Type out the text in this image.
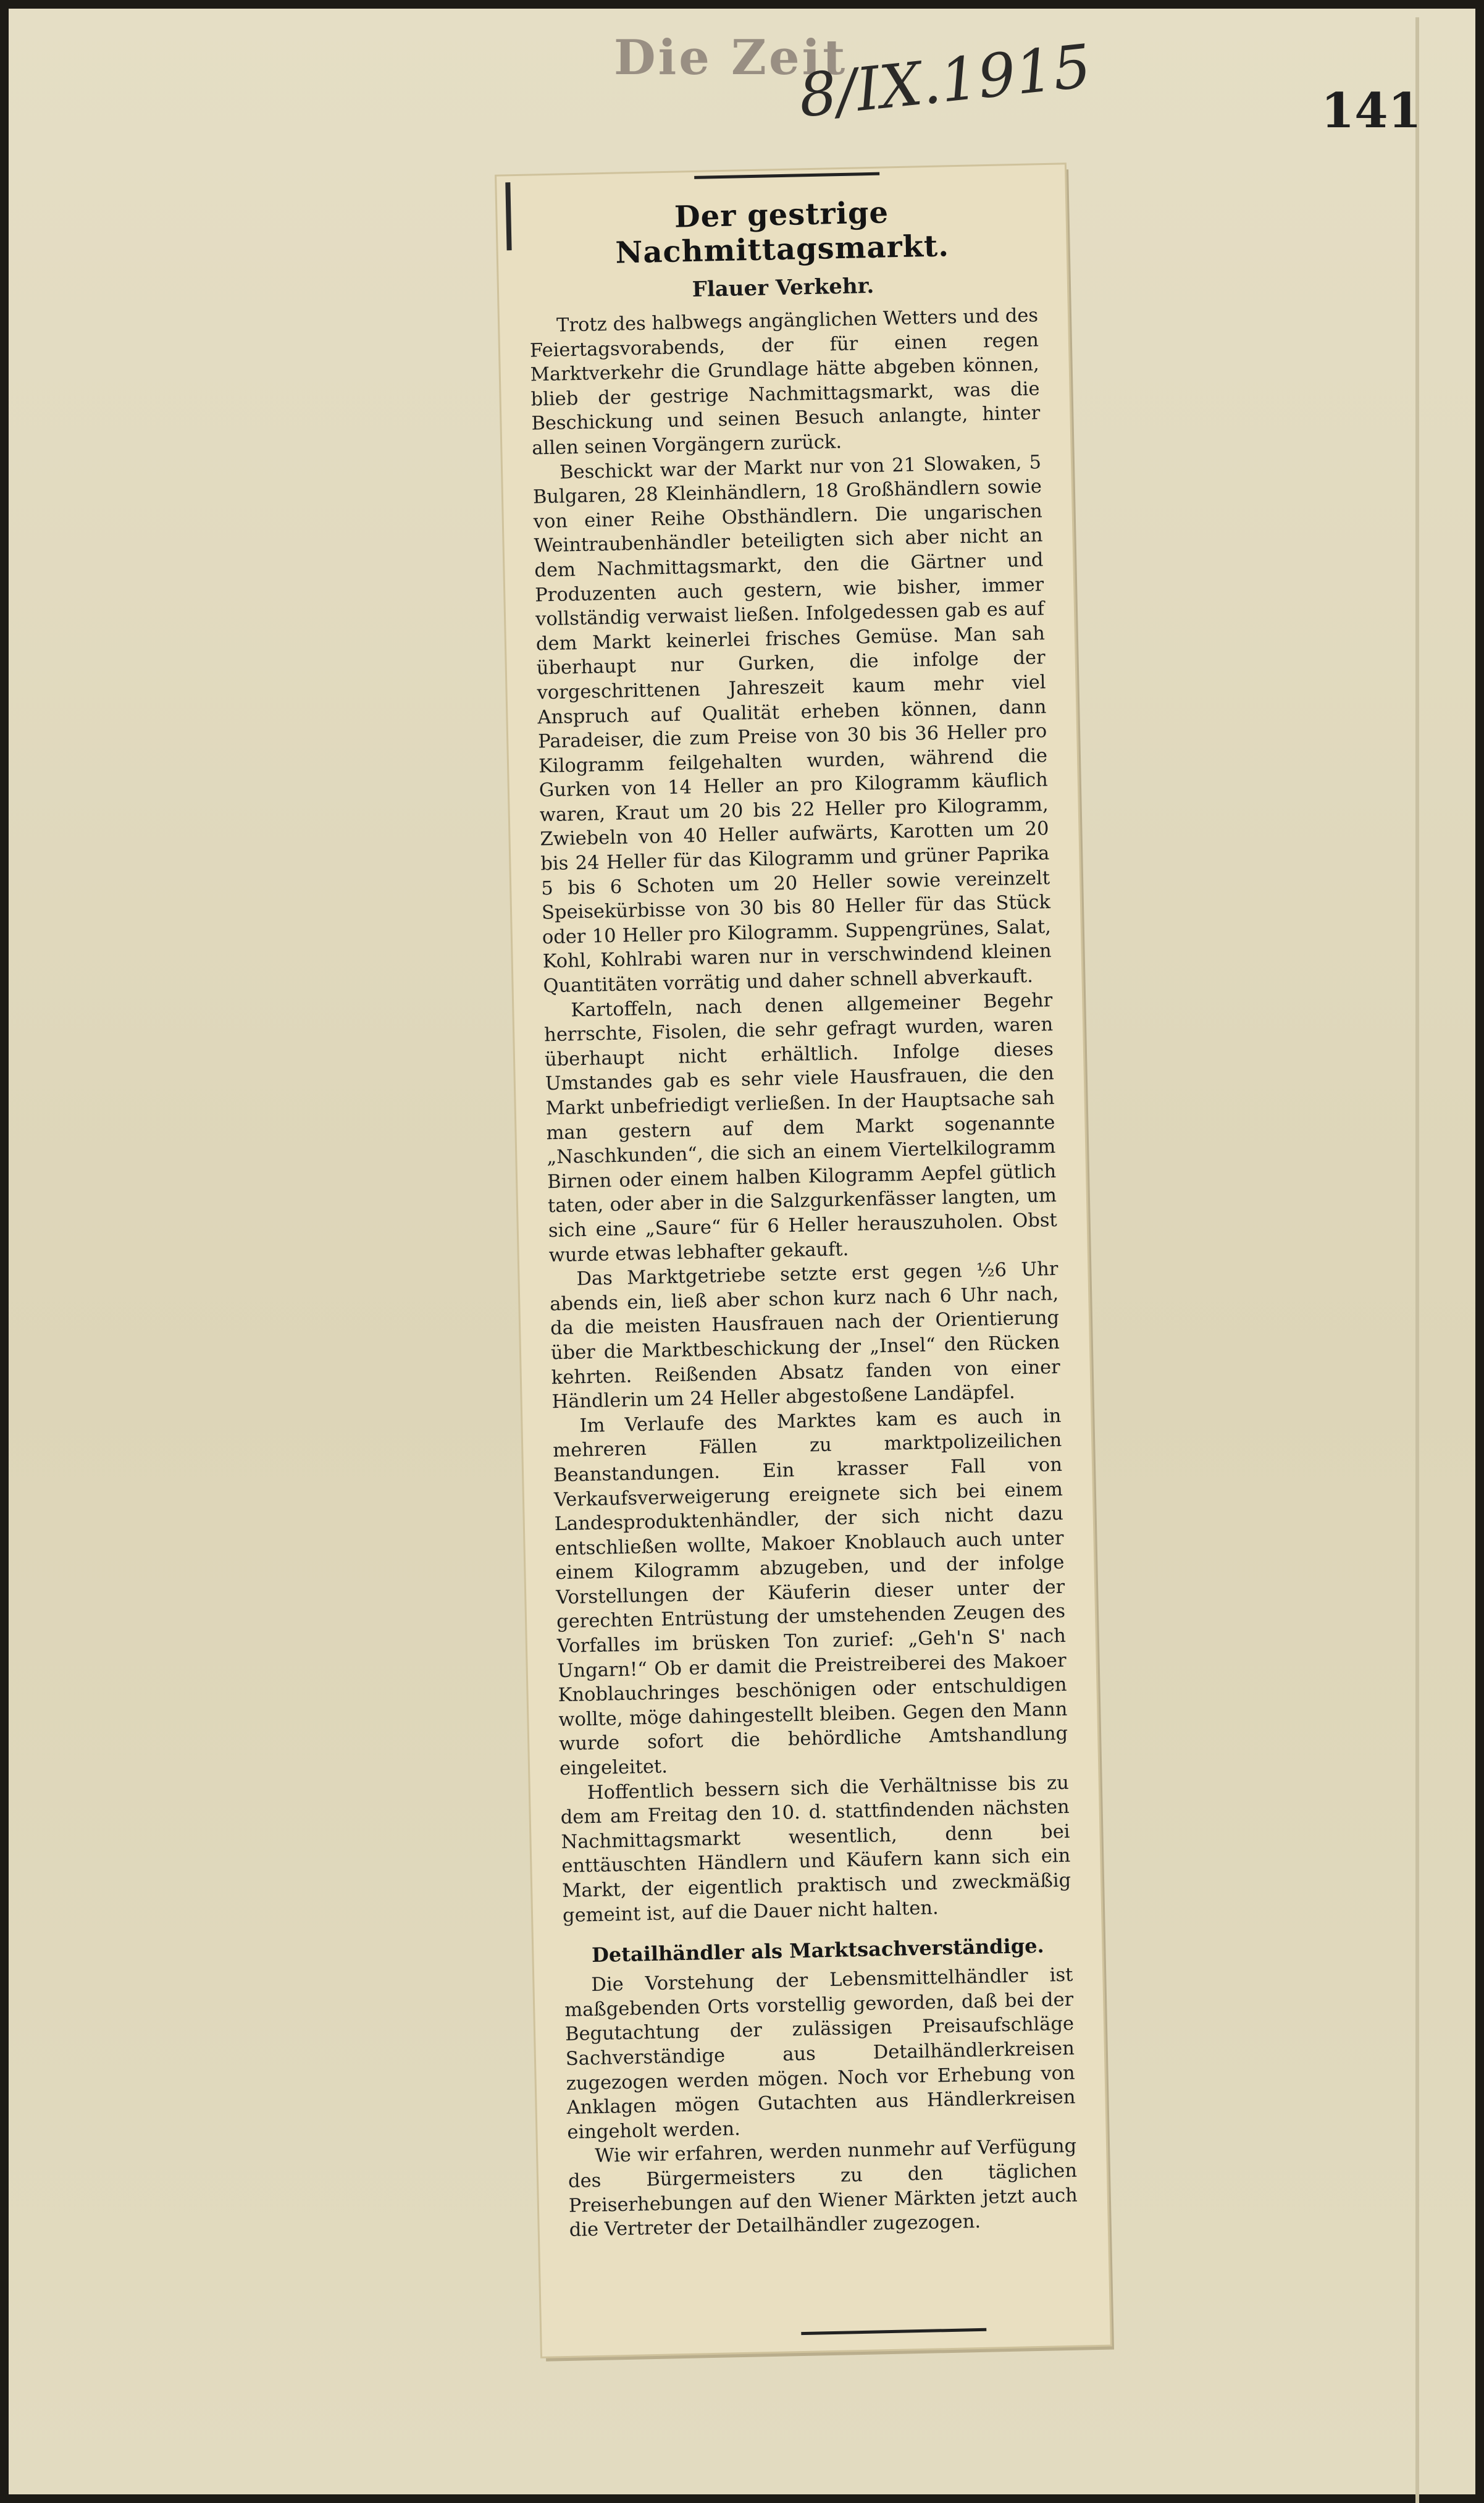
Die Zeit
8/IX.1915	141
Der gestrige Nachmittagsmarkt.
Flauer Verkehr.

Trotz des halbwegs angänglichen Wetters und des Feiertagsvorabends, der für einen regen Marktverkehr die Grundlage hätte abgeben können, blieb der gestrige Nachmittagsmarkt, was die Beschickung und seinen Besuch anlangte, hinter allen seinen Vorgängern zurück.

Beschickt war der Markt nur von 21 Slowaken, 5 Bulgaren, 28 Kleinhändlern, 18 Großhändlern sowie von einer Reihe Obsthändlern. Die ungarischen Weintraubenhändler beteiligten sich aber nicht an dem Nachmittagsmarkt, den die Gärtner und Produzenten auch gestern, wie bisher, immer vollständig verwaist ließen. Infolgedessen gab es auf dem Markt keinerlei frisches Gemüse. Man sah überhaupt nur Gurken, die infolge der vorgeschrittenen Jahreszeit kaum mehr viel Anspruch auf Qualität erheben können, dann Paradeiser, die zum Preise von 30 bis 36 Heller pro Kilogramm feilgehalten wurden, während die Gurken von 14 Heller an pro Kilogramm käuflich waren, Kraut um 20 bis 22 Heller pro Kilogramm, Zwiebeln von 40 Heller aufwärts, Karotten um 20 bis 24 Heller für das Kilogramm und grüner Paprika 5 bis 6 Schoten um 20 Heller sowie vereinzelt Speisekürbisse von 30 bis 80 Heller für das Stück oder 10 Heller pro Kilogramm. Suppengrünes, Salat, Kohl, Kohlrabi waren nur in verschwindend kleinen Quantitäten vorrätig und daher schnell abverkauft.

Kartoffeln, nach denen allgemeiner Begehr herrschte, Fisolen, die sehr gefragt wurden, waren überhaupt nicht erhältlich. Infolge dieses Umstandes gab es sehr viele Hausfrauen, die den Markt unbefriedigt verließen. In der Hauptsache sah man gestern auf dem Markt sogenannte „Naschkunden“, die sich an einem Viertelkilogramm Birnen oder einem halben Kilogramm Aepfel gütlich taten, oder aber in die Salzgurkenfässer langten, um sich eine „Saure“ für 6 Heller herauszuholen. Obst wurde etwas lebhafter gekauft.

Das Marktgetriebe setzte erst gegen ½6 Uhr abends ein, ließ aber schon kurz nach 6 Uhr nach, da die meisten Hausfrauen nach der Orientierung über die Marktbeschickung der „Insel“ den Rücken kehrten. Reißenden Absatz fanden von einer Händlerin um 24 Heller abgestoßene Landäpfel.

Im Verlaufe des Marktes kam es auch in mehreren Fällen zu marktpolizeilichen Beanstandungen. Ein krasser Fall von Verkaufsverweigerung ereignete sich bei einem Landesproduktenhändler, der sich nicht dazu entschließen wollte, Makoer Knoblauch auch unter einem Kilogramm abzugeben, und der infolge Vorstellungen der Käuferin dieser unter der gerechten Entrüstung der umstehenden Zeugen des Vorfalles im brüsken Ton zurief: „Geh'n S' nach Ungarn!“ Ob er damit die Preistreiberei des Makoer Knoblauchringes beschönigen oder entschuldigen wollte, möge dahingestellt bleiben. Gegen den Mann wurde sofort die behördliche Amtshandlung eingeleitet.

Hoffentlich bessern sich die Verhältnisse bis zu dem am Freitag den 10. d. stattfindenden nächsten Nachmittagsmarkt wesentlich, denn bei enttäuschten Händlern und Käufern kann sich ein Markt, der eigentlich praktisch und zweckmäßig gemeint ist, auf die Dauer nicht halten.

Detailhändler als Marktsachverständige.

Die Vorstehung der Lebensmittelhändler ist maßgebenden Orts vorstellig geworden, daß bei der Begutachtung der zulässigen Preisaufschläge Sachverständige aus Detailhändlerkreisen zugezogen werden mögen. Noch vor Erhebung von Anklagen mögen Gutachten aus Händlerkreisen eingeholt werden.

Wie wir erfahren, werden nunmehr auf Verfügung des Bürgermeisters zu den täglichen Preiserhebungen auf den Wiener Märkten jetzt auch die Vertreter der Detailhändler zugezogen.
